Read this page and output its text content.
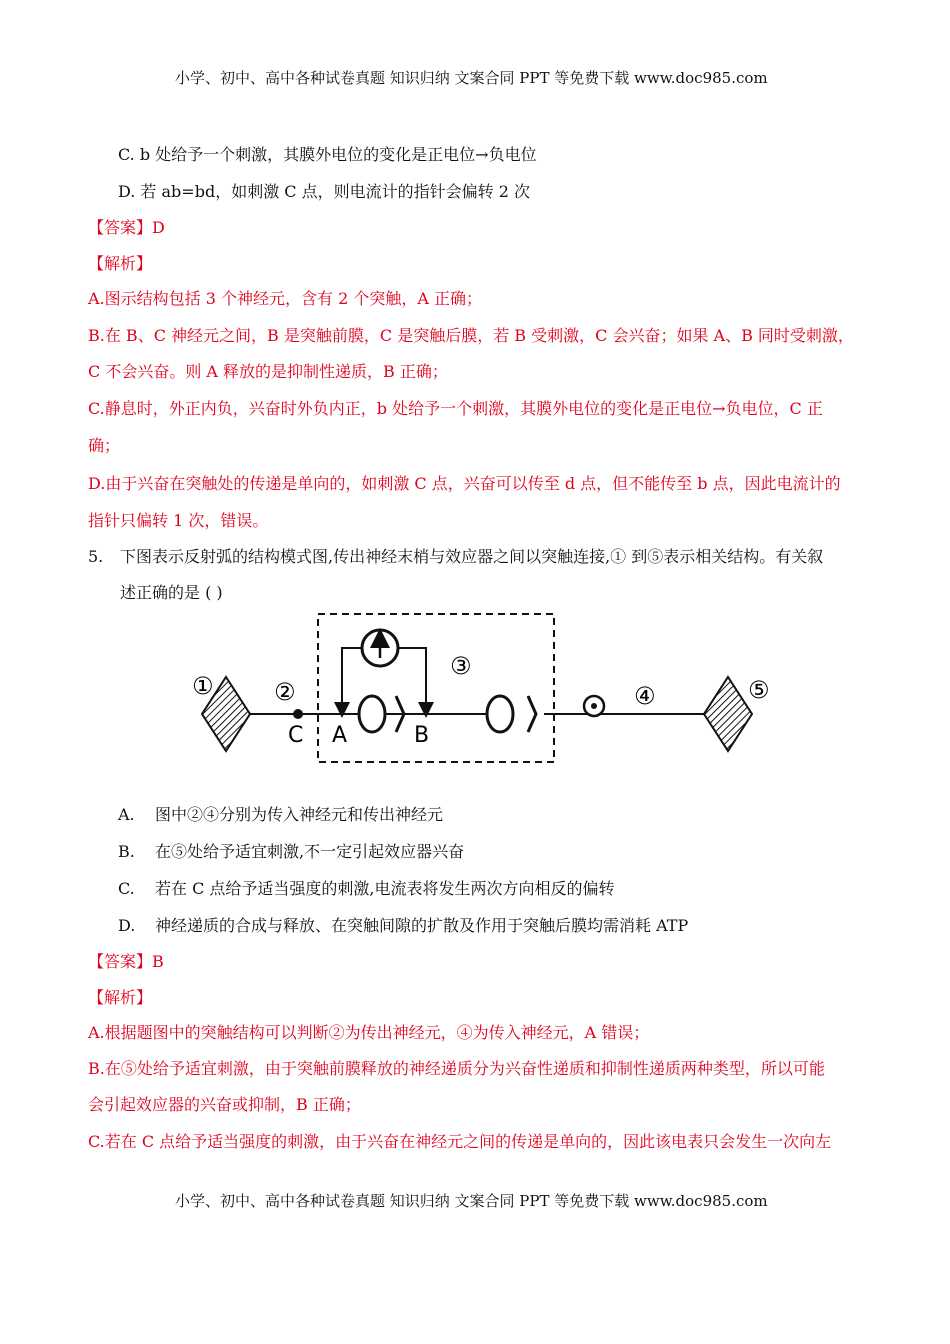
小学、初中、高中各种试卷真题 知识归纳 文案合同 PPT 等免费下载 www.doc985.com
C. b 处给予一个刺激，其膜外电位的变化是正电位→负电位
D. 若 ab=bd，如刺激 C 点，则电流计的指针会偏转 2 次
【答案】D
【解析】
A.图示结构包括 3 个神经元，含有 2 个突触，A 正确；
B.在 B、C 神经元之间，B 是突触前膜，C 是突触后膜，若 B 受刺激，C 会兴奋；如果 A、B 同时受刺激，
C 不会兴奋。则 A 释放的是抑制性递质，B 正确；
C.静息时，外正内负，兴奋时外负内正，b 处给予一个刺激，其膜外电位的变化是正电位→负电位，C 正
确；
D.由于兴奋在突触处的传递是单向的，如刺激 C 点，兴奋可以传至 d 点，但不能传至 b 点，因此电流计的
指针只偏转 1 次，错误。
5. 下图表示反射弧的结构模式图,传出神经末梢与效应器之间以突触连接,① 到⑤表示相关结构。有关叙
述正确的是 ( )
①	②
C A	B
③
④	⑤
A. 图中②④分别为传入神经元和传出神经元
B. 在⑤处给予适宜刺激,不一定引起效应器兴奋
C. 若在 C 点给予适当强度的刺激,电流表将发生两次方向相反的偏转
D. 神经递质的合成与释放、在突触间隙的扩散及作用于突触后膜均需消耗 ATP
【答案】B
【解析】
A.根据题图中的突触结构可以判断②为传出神经元，④为传入神经元，A 错误；
B.在⑤处给予适宜刺激，由于突触前膜释放的神经递质分为兴奋性递质和抑制性递质两种类型，所以可能
会引起效应器的兴奋或抑制，B 正确；
C.若在 C 点给予适当强度的刺激，由于兴奋在神经元之间的传递是单向的，因此该电表只会发生一次向左
小学、初中、高中各种试卷真题 知识归纳 文案合同 PPT 等免费下载 www.doc985.com
